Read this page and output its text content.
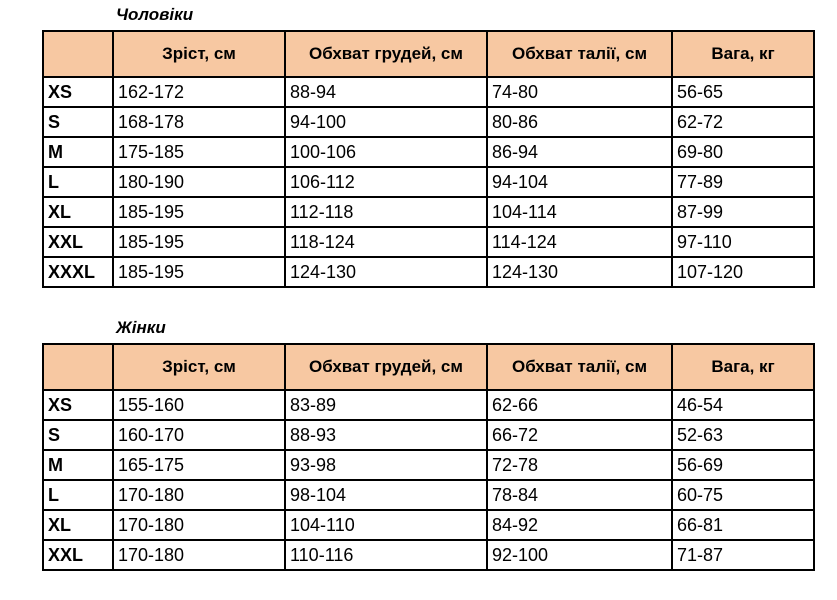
Чоловіки
	Зріст, см	Обхват грудей, см	Обхват талії, см	Вага, кг
XS	162-172	88-94	74-80	56-65
S	168-178	94-100	80-86	62-72
M	175-185	100-106	86-94	69-80
L	180-190	106-112	94-104	77-89
XL	185-195	112-118	104-114	87-99
XXL	185-195	118-124	114-124	97-110
XXXL	185-195	124-130	124-130	107-120
Жінки
	Зріст, см	Обхват грудей, см	Обхват талії, см	Вага, кг
XS	155-160	83-89	62-66	46-54
S	160-170	88-93	66-72	52-63
M	165-175	93-98	72-78	56-69
L	170-180	98-104	78-84	60-75
XL	170-180	104-110	84-92	66-81
XXL	170-180	110-116	92-100	71-87
